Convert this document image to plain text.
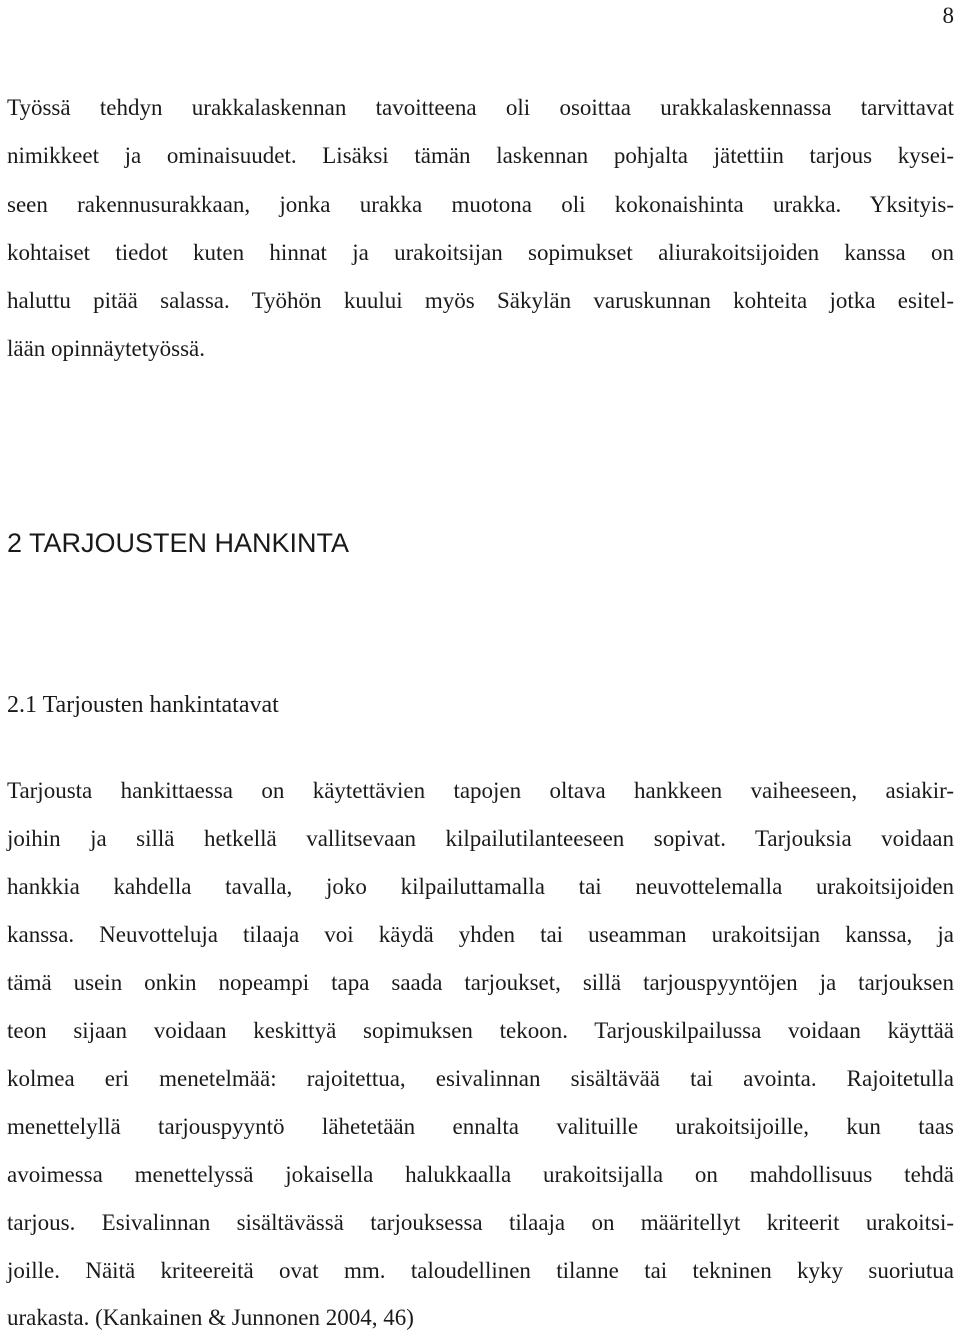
8
Työssä tehdyn urakkalaskennan tavoitteena oli osoittaa urakkalaskennassa tarvittavat
nimikkeet ja ominaisuudet. Lisäksi tämän laskennan pohjalta jätettiin tarjous kysei-
seen rakennusurakkaan, jonka urakka muotona oli kokonaishinta urakka. Yksityis-
kohtaiset tiedot kuten hinnat ja urakoitsijan sopimukset aliurakoitsijoiden kanssa on
haluttu pitää salassa. Työhön kuului myös Säkylän varuskunnan kohteita jotka esitel-
lään opinnäytetyössä.
2 TARJOUSTEN HANKINTA
2.1 Tarjousten hankintatavat
Tarjousta hankittaessa on käytettävien tapojen oltava hankkeen vaiheeseen, asiakir-
joihin ja sillä hetkellä vallitsevaan kilpailutilanteeseen sopivat. Tarjouksia voidaan
hankkia kahdella tavalla, joko kilpailuttamalla tai neuvottelemalla urakoitsijoiden
kanssa. Neuvotteluja tilaaja voi käydä yhden tai useamman urakoitsijan kanssa, ja
tämä usein onkin nopeampi tapa saada tarjoukset, sillä tarjouspyyntöjen ja tarjouksen
teon sijaan voidaan keskittyä sopimuksen tekoon. Tarjouskilpailussa voidaan käyttää
kolmea eri menetelmää: rajoitettua, esivalinnan sisältävää tai avointa. Rajoitetulla
menettelyllä tarjouspyyntö lähetetään ennalta valituille urakoitsijoille, kun taas
avoimessa menettelyssä jokaisella halukkaalla urakoitsijalla on mahdollisuus tehdä
tarjous. Esivalinnan sisältävässä tarjouksessa tilaaja on määritellyt kriteerit urakoitsi-
joille. Näitä kriteereitä ovat mm. taloudellinen tilanne tai tekninen kyky suoriutua
urakasta. (Kankainen & Junnonen 2004, 46)
